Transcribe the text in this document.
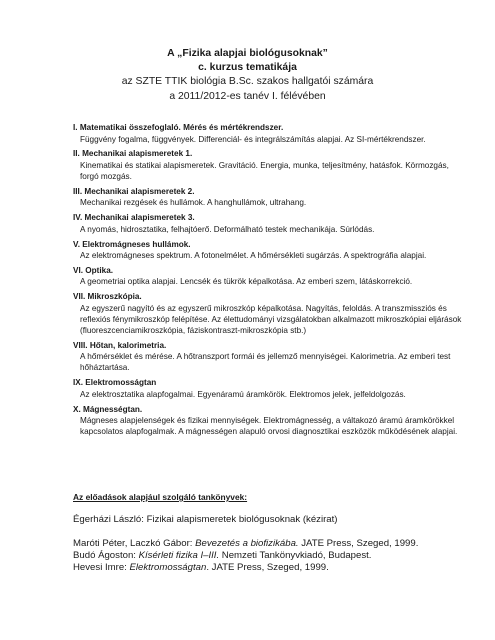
A „Fizika alapjai biológusoknak”
c. kurzus tematikája
az SZTE TTIK biológia B.Sc. szakos hallgatói számára
a 2011/2012-es tanév I. félévében
I. Matematikai összefoglaló. Mérés és mértékrendszer.
Függvény fogalma, függvények. Differenciál- és integrálszámítás alapjai. Az SI-mértékrendszer.
II. Mechanikai alapismeretek 1.
Kinematikai és statikai alapismeretek. Gravitáció. Energia, munka, teljesítmény, hatásfok. Körmozgás, forgó mozgás.
III. Mechanikai alapismeretek 2.
Mechanikai rezgések és hullámok. A hanghullámok, ultrahang.
IV. Mechanikai alapismeretek 3.
A nyomás, hidrosztatika, felhajtóerő. Deformálható testek mechanikája. Súrlódás.
V. Elektromágneses hullámok.
Az elektromágneses spektrum. A fotonelmélet. A hőmérsékleti sugárzás. A spektrográfia alapjai.
VI. Optika.
A geometriai optika alapjai. Lencsék és tükrök képalkotása. Az emberi szem, látáskorrekció.
VII. Mikroszkópia.
Az egyszerű nagyító és az egyszerű mikroszkóp képalkotása. Nagyítás, feloldás. A transzmissziós és reflexiós fénymikroszkóp felépítése. Az élettudományi vizsgálatokban alkalmazott mikroszkópiai eljárások (fluoreszcenciamikroszkópia, fáziskontraszt-mikroszkópia stb.)
VIII. Hőtan, kalorimetria.
A hőmérséklet és mérése. A hőtranszport formái és jellemző mennyiségei. Kalorimetria. Az emberi test hőháztartása.
IX. Elektromosságtan
Az elektrosztatika alapfogalmai. Egyenáramú áramkörök. Elektromos jelek, jelfeldolgozás.
X. Mágnességtan.
Mágneses alapjelenségek és fizikai mennyiségek. Elektromágnesség, a váltakozó áramú áramkörökkel kapcsolatos alapfogalmak. A mágnességen alapuló orvosi diagnosztikai eszközök működésének alapjai.
Az előadások alapjául szolgáló tankönyvek:
Égerházi László: Fizikai alapismeretek biológusoknak (kézirat)
Maróti Péter, Laczkó Gábor: Bevezetés a biofizikába. JATE Press, Szeged, 1999.
Budó Ágoston: Kísérleti fizika I–III. Nemzeti Tankönyvkiadó, Budapest.
Hevesi Imre: Elektromosságtan. JATE Press, Szeged, 1999.
